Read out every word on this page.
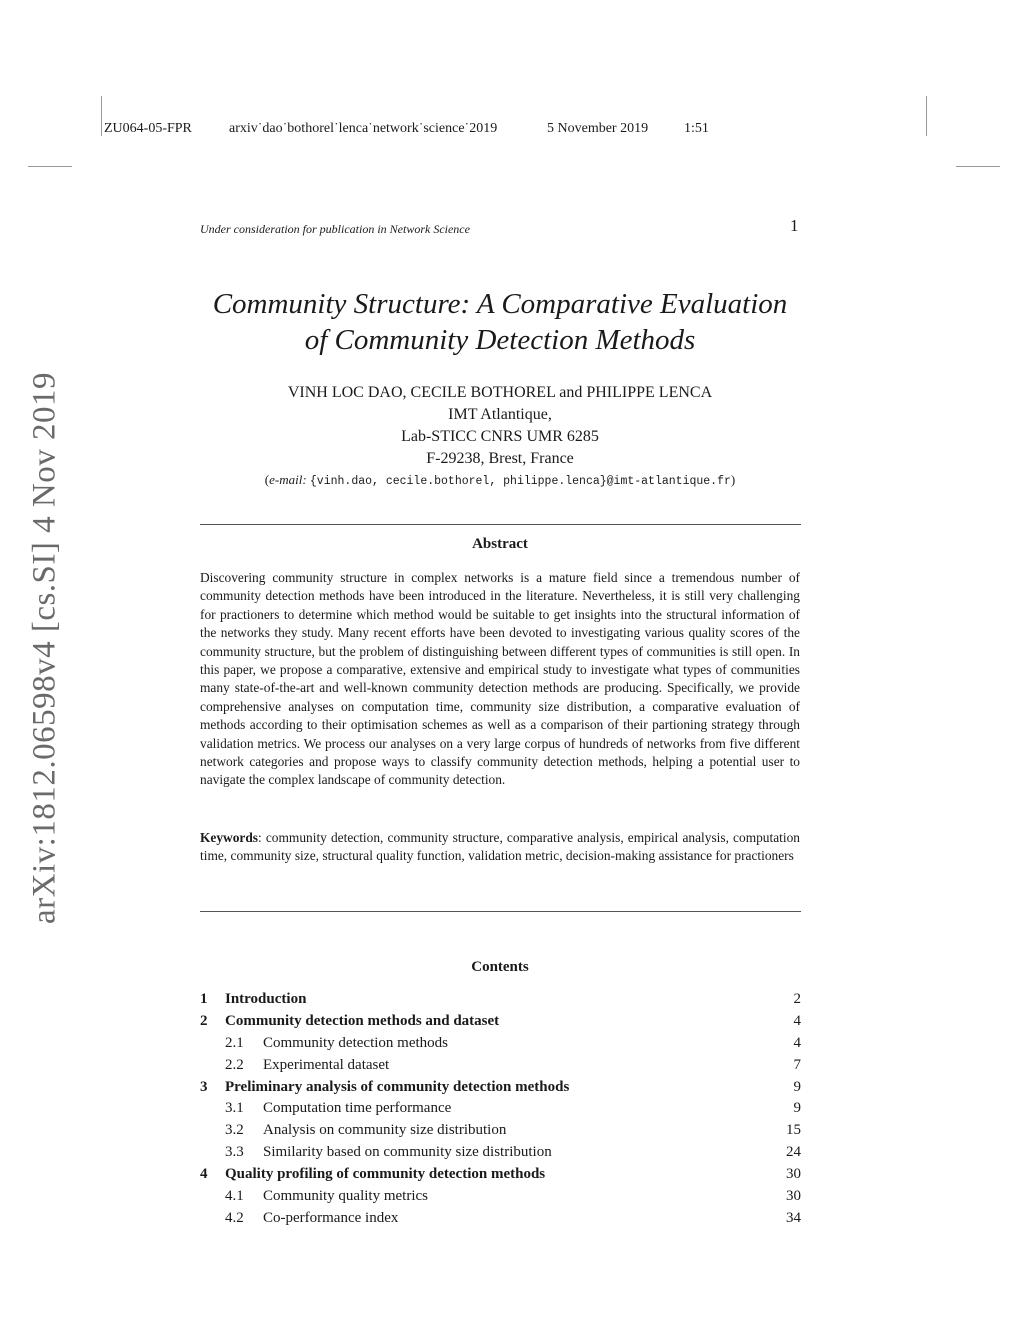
ZU064-05-FPR	arxiv˙dao˙bothorel˙lenca˙network˙science˙2019	5 November 2019	1:51
arXiv:1812.06598v4 [cs.SI] 4 Nov 2019
Under consideration for publication in Network Science	1
Community Structure: A Comparative Evaluation
of Community Detection Methods
VINH LOC DAO, CECILE BOTHOREL and PHILIPPE LENCA
IMT Atlantique,
Lab-STICC CNRS UMR 6285
F-29238, Brest, France
(e-mail: {vinh.dao, cecile.bothorel, philippe.lenca}@imt-atlantique.fr)
Abstract
Discovering community structure in complex networks is a mature field since a tremendous number of community detection methods have been introduced in the literature. Nevertheless, it is still very challenging for practioners to determine which method would be suitable to get insights into the structural information of the networks they study. Many recent efforts have been devoted to investigating various quality scores of the community structure, but the problem of distinguishing between different types of communities is still open. In this paper, we propose a comparative, extensive and empirical study to investigate what types of communities many state-of-the-art and well-known community detection methods are producing. Specifically, we provide comprehensive analyses on computation time, community size distribution, a comparative evaluation of methods according to their optimisation schemes as well as a comparison of their partioning strategy through validation metrics. We process our analyses on a very large corpus of hundreds of networks from five different network categories and propose ways to classify community detection methods, helping a potential user to navigate the complex landscape of community detection.
Keywords: community detection, community structure, comparative analysis, empirical analysis, computation time, community size, structural quality function, validation metric, decision-making assistance for practioners
Contents
1 Introduction	2
2 Community detection methods and dataset	4
2.1 Community detection methods	4
2.2 Experimental dataset	7
3 Preliminary analysis of community detection methods	9
3.1 Computation time performance	9
3.2 Analysis on community size distribution	15
3.3 Similarity based on community size distribution	24
4 Quality profiling of community detection methods	30
4.1 Community quality metrics	30
4.2 Co-performance index	34
